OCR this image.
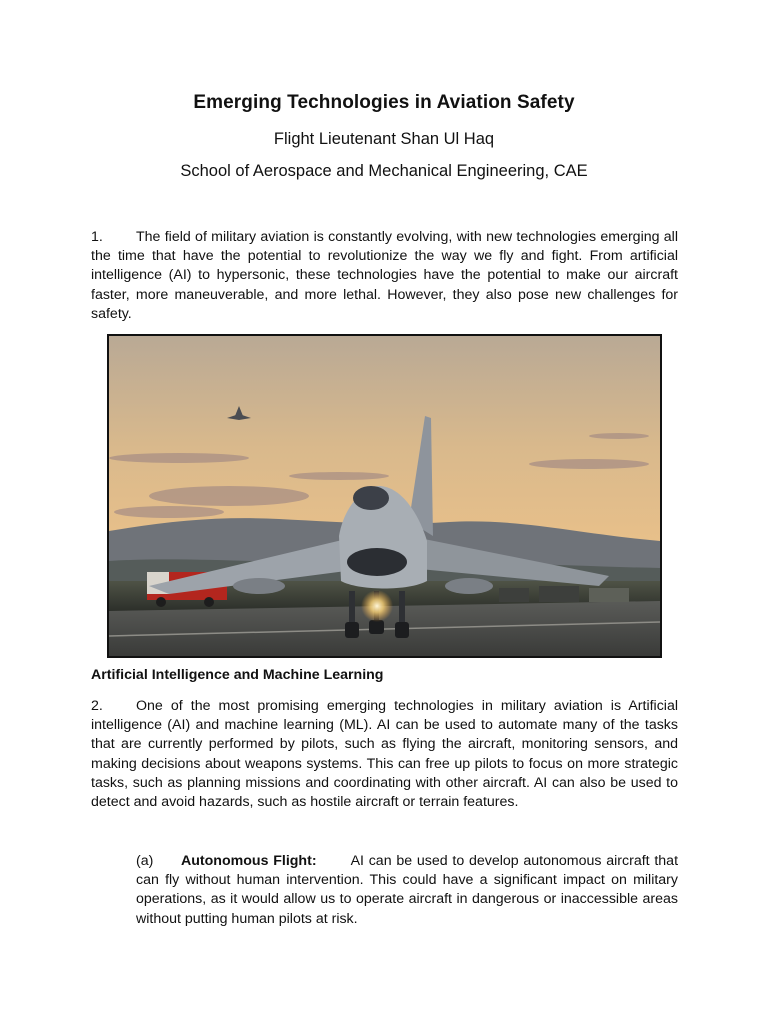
Emerging Technologies in Aviation Safety
Flight Lieutenant Shan Ul Haq
School of Aerospace and Mechanical Engineering, CAE
1. The field of military aviation is constantly evolving, with new technologies emerging all the time that have the potential to revolutionize the way we fly and fight. From artificial intelligence (AI) to hypersonic, these technologies have the potential to make our aircraft faster, more maneuverable, and more lethal. However, they also pose new challenges for safety.
Artificial Intelligence and Machine Learning
2. One of the most promising emerging technologies in military aviation is Artificial intelligence (AI) and machine learning (ML). AI can be used to automate many of the tasks that are currently performed by pilots, such as flying the aircraft, monitoring sensors, and making decisions about weapons systems. This can free up pilots to focus on more strategic tasks, such as planning missions and coordinating with other aircraft. AI can also be used to detect and avoid hazards, such as hostile aircraft or terrain features.
(a) Autonomous Flight: AI can be used to develop autonomous aircraft that can fly without human intervention. This could have a significant impact on military operations, as it would allow us to operate aircraft in dangerous or inaccessible areas without putting human pilots at risk.
